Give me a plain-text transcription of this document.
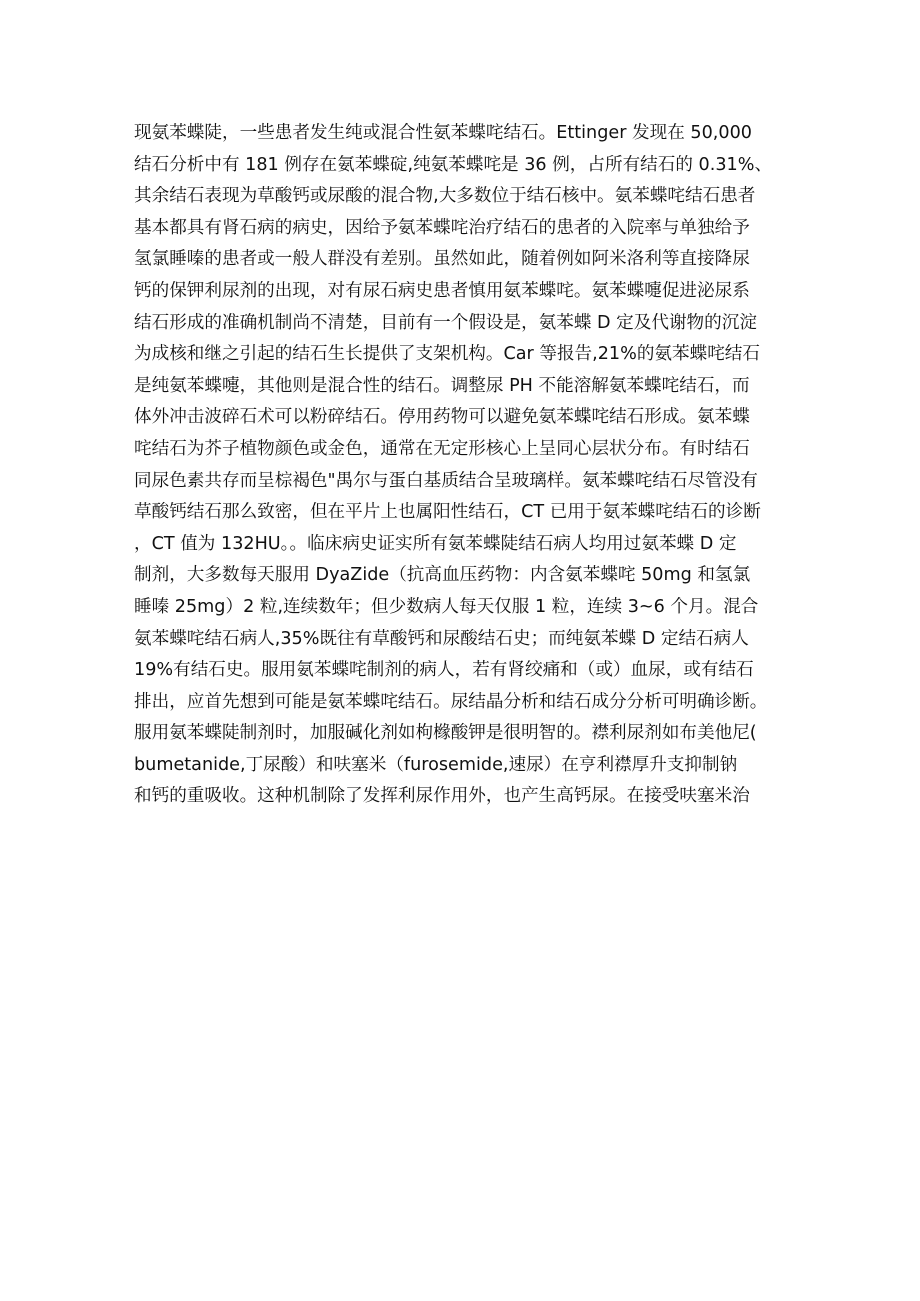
现氨苯蝶陡，一些患者发生纯或混合性氨苯蝶咤结石。Ettinger 发现在 50,000
结石分析中有 181 例存在氨苯蝶碇,纯氨苯蝶咤是 36 例，占所有结石的 0.31%、
其余结石表现为草酸钙或尿酸的混合物,大多数位于结石核中。氨苯蝶咤结石患者
基本都具有肾石病的病史，因给予氨苯蝶咤治疗结石的患者的入院率与单独给予
氢氯睡嗪的患者或一般人群没有差别。虽然如此，随着例如阿米洛利等直接降尿
钙的保钾利尿剂的出现，对有尿石病史患者慎用氨苯蝶咤。氨苯蝶嚏促进泌尿系
结石形成的准确机制尚不清楚，目前有一个假设是，氨苯蝶 D 定及代谢物的沉淀
为成核和继之引起的结石生长提供了支架机构。Car 等报告,21%的氨苯蝶咤结石
是纯氨苯蝶嚏，其他则是混合性的结石。调整尿 PH 不能溶解氨苯蝶咤结石，而
体外冲击波碎石术可以粉碎结石。停用药物可以避免氨苯蝶咤结石形成。氨苯蝶
咤结石为芥子植物颜色或金色，通常在无定形核心上呈同心层状分布。有时结石
同尿色素共存而呈棕褐色"禺尔与蛋白基质结合呈玻璃样。氨苯蝶咤结石尽管没有
草酸钙结石那么致密，但在平片上也属阳性结石，CT 已用于氨苯蝶咤结石的诊断
，CT 值为 132HU。。临床病史证实所有氨苯蝶陡结石病人均用过氨苯蝶 D 定
制剂，大多数每天服用 DyaZide（抗高血压药物：内含氨苯蝶咤 50mg 和氢氯
睡嗪 25mg）2 粒,连续数年；但少数病人每天仅服 1 粒，连续 3~6 个月。混合
氨苯蝶咤结石病人,35%既往有草酸钙和尿酸结石史；而纯氨苯蝶 D 定结石病人
19%有结石史。服用氨苯蝶咤制剂的病人，若有肾绞痛和（或）血尿，或有结石
排出，应首先想到可能是氨苯蝶咤结石。尿结晶分析和结石成分分析可明确诊断。
服用氨苯蝶陡制剂时，加服碱化剂如枸橼酸钾是很明智的。襟利尿剂如布美他尼(
bumetanide,丁尿酸）和呋塞米（furosemide,速尿）在亨利襟厚升支抑制钠
和钙的重吸收。这种机制除了发挥利尿作用外，也产生高钙尿。在接受呋塞米治
